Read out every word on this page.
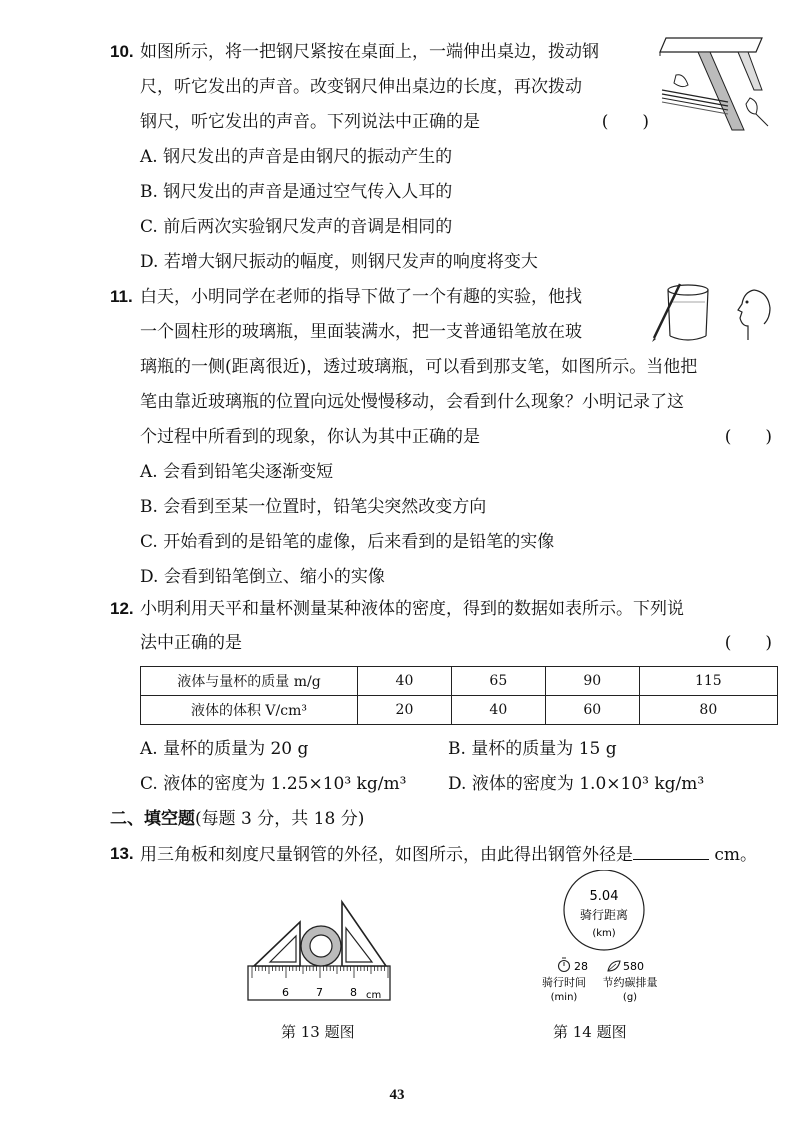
10. 如图所示，将一把钢尺紧按在桌面上，一端伸出桌边，拨动钢
尺，听它发出的声音。改变钢尺伸出桌边的长度，再次拨动
钢尺，听它发出的声音。下列说法中正确的是	(　　)
A. 钢尺发出的声音是由钢尺的振动产生的
B. 钢尺发出的声音是通过空气传入人耳的
C. 前后两次实验钢尺发声的音调是相同的
D. 若增大钢尺振动的幅度，则钢尺发声的响度将变大
11. 白天，小明同学在老师的指导下做了一个有趣的实验，他找
一个圆柱形的玻璃瓶，里面装满水，把一支普通铅笔放在玻
璃瓶的一侧(距离很近)，透过玻璃瓶，可以看到那支笔，如图所示。当他把
笔由靠近玻璃瓶的位置向远处慢慢移动，会看到什么现象？小明记录了这
个过程中所看到的现象，你认为其中正确的是	(　　)
A. 会看到铅笔尖逐渐变短
B. 会看到至某一位置时，铅笔尖突然改变方向
C. 开始看到的是铅笔的虚像，后来看到的是铅笔的实像
D. 会看到铅笔倒立、缩小的实像
12. 小明利用天平和量杯测量某种液体的密度，得到的数据如表所示。下列说
法中正确的是	(　　)
液体与量杯的质量 m/g	40	65	90	115
液体的体积 V/cm³	20	40	60	80
A. 量杯的质量为 20 g	B. 量杯的质量为 15 g
C. 液体的密度为 1.25×10³ kg/m³ D. 液体的密度为 1.0×10³ kg/m³
二、填空题(每题 3 分，共 18 分)
13. 用三角板和刻度尺量钢管的外径，如图所示，由此得出钢管外径是	cm。
6 7 8 cm
第 13 题图
5.04
骑行距离
(km)
28	580
骑行时间
(min)
节约碳排量
(g)
第 14 题图
43
